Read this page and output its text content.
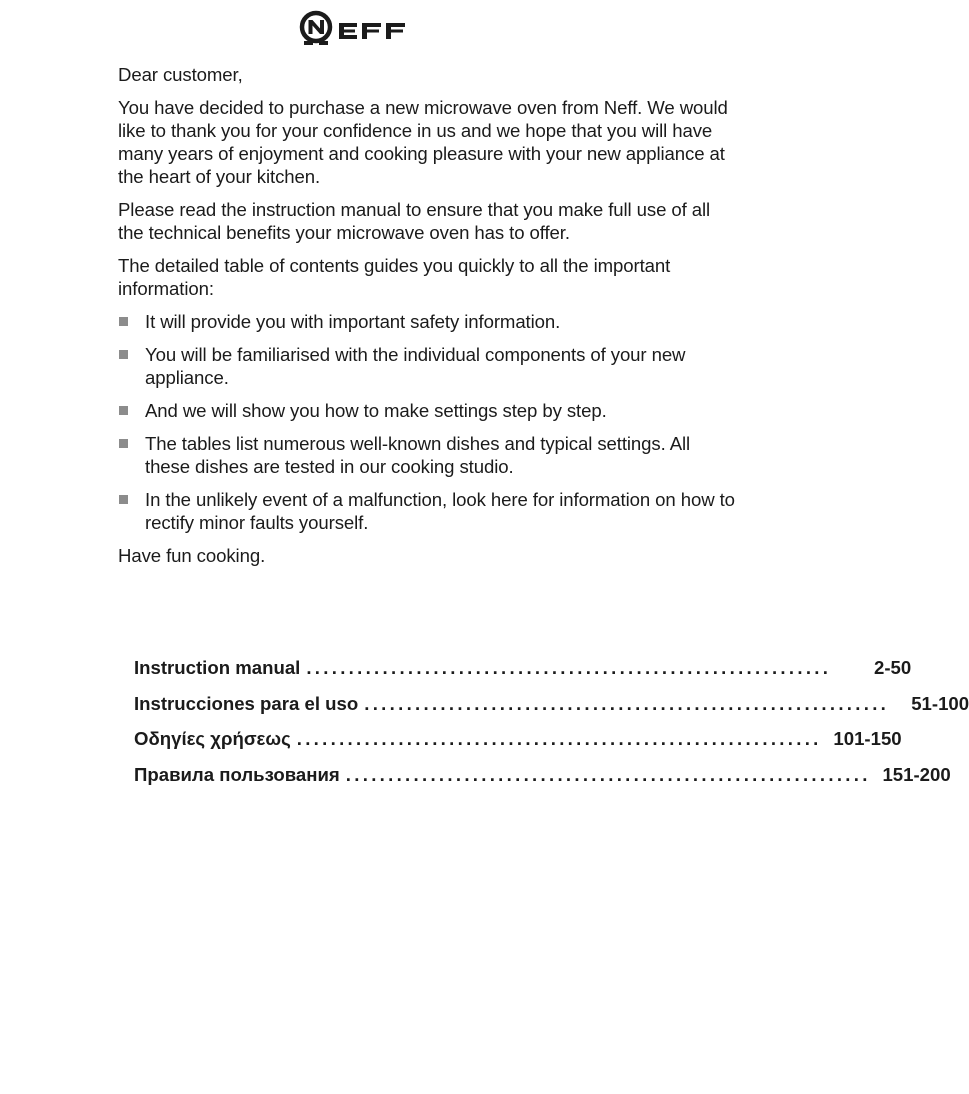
Dear customer,

You have decided to purchase a new microwave oven from Neff. We would like to thank you for your confidence in us and we hope that you will have many years of enjoyment and cooking pleasure with your new appliance at the heart of your kitchen.

Please read the instruction manual to ensure that you make full use of all the technical benefits your microwave oven has to offer.

The detailed table of contents guides you quickly to all the important information:

It will provide you with important safety information.
You will be familiarised with the individual components of your new appliance.
And we will show you how to make settings step by step.
The tables list numerous well-known dishes and typical settings. All these dishes are tested in our cooking studio.
In the unlikely event of a malfunction, look here for information on how to rectify minor faults yourself.

Have fun cooking.

Instruction manual ..............................................................	2-50
Instrucciones para el uso ..............................................................	51-100
Οδηγίες χρήσεως .............................................................. 101-150
Правила пользования .............................................................. 151-200
